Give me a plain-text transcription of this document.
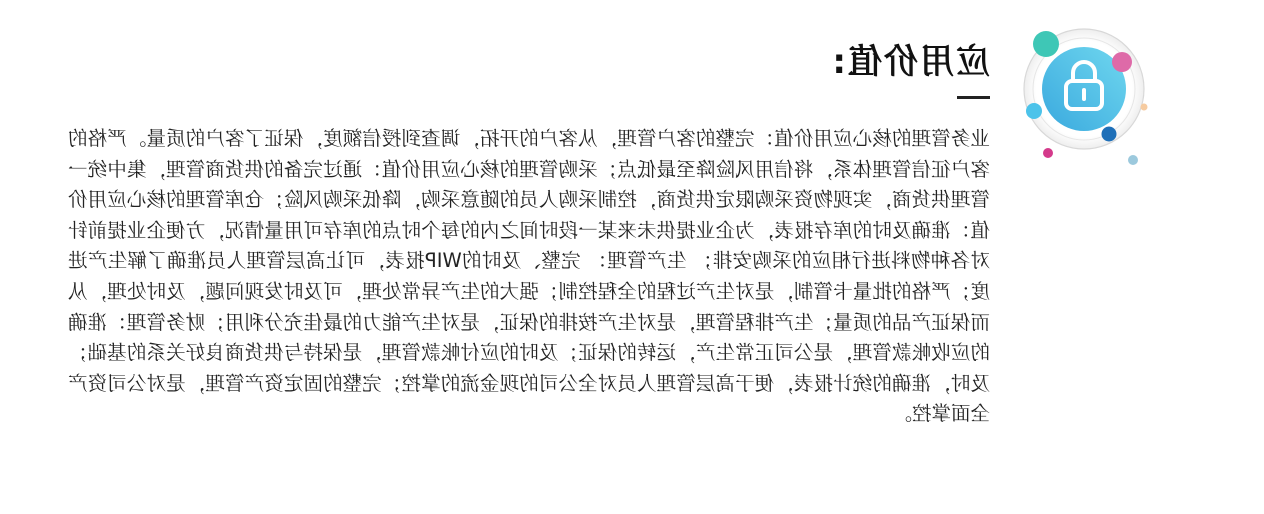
应用价值:

业务管理的核心应用价值：完整的客户管理，从客户的开拓，调查到授信额度，保证了客户的质量。严格的客户征信管理体系，将信用风险降至最低点；采购管理的核心应用价值：通过完备的供货商管理，集中统一管理供货商，实现物资采购限定供货商，控制采购人员的随意采购，降低采购风险；仓库管理的核心应用价值：准确及时的库存报表，为企业提供未来某一段时间之内的每个时点的库存可用量情况，方便企业提前针对各种物料进行相应的采购安排； 生产管理： 完整、及时的WIP报表，可让高层管理人员准确了解生产进度；严格的批量卡管制，是对生产过程的全程控制；强大的生产异常处理，可及时发现问题，及时处理，从而保证产品的质量；生产排程管理，是对生产按排的保证，是对生产能力的最佳充分利用；财务管理：准确的应收帐款管理，是公司正常生产，运转的保证；及时的应付帐款管理，是保持与供货商良好关系的基础；及时，准确的统计报表，便于高层管理人员对全公司的现金流的掌控；完整的固定资产管理，是对公司资产全面掌控。
